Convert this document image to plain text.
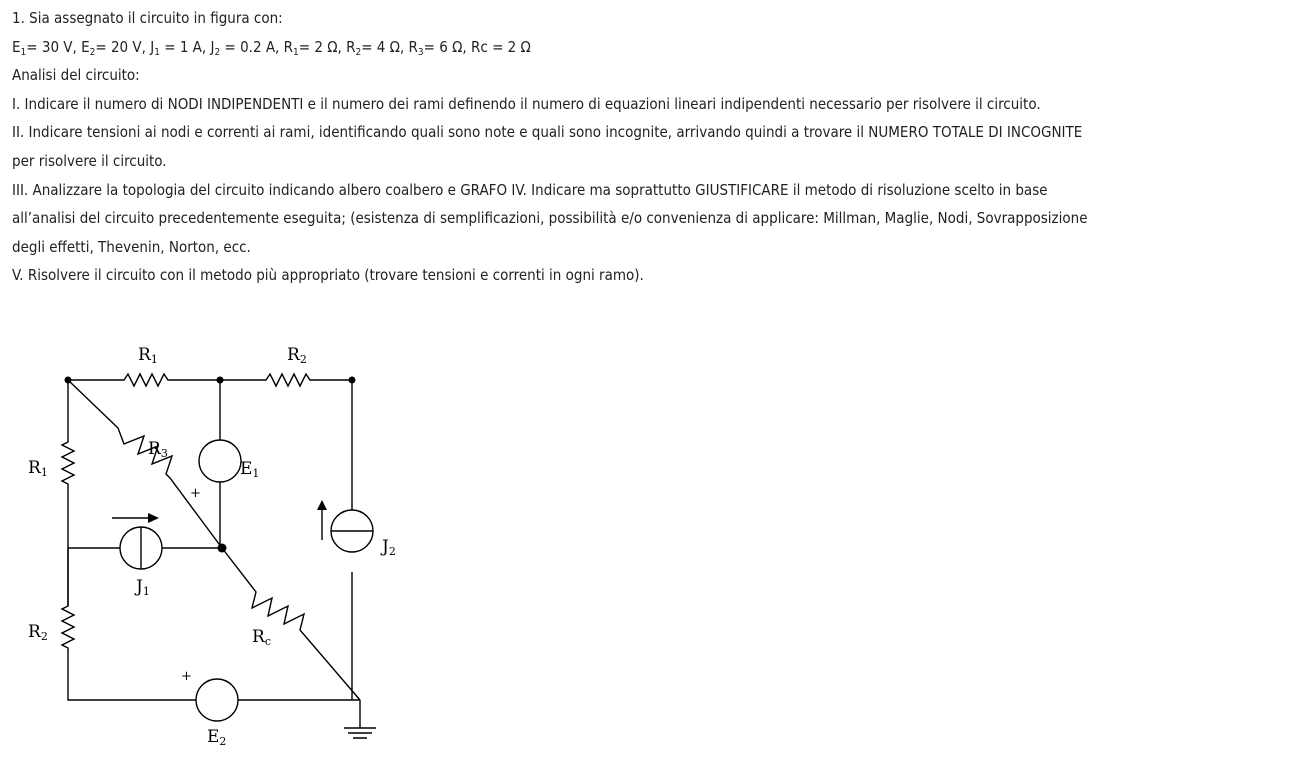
1. Sia assegnato il circuito in figura con:
$E_1= 30$ V, $E_2= 20$ V, $J_1 = 1$ A, $J_2 = 0.2$ A, $R_1= 2$ Ω, $R_2= 4$ Ω, $R_3= 6$ Ω, Rc = 2 Ω
Analisi del circuito:
I. Indicare il numero di NODI INDIPENDENTI e il numero dei rami definendo il numero di equazioni lineari indipendenti necessario per risolvere il circuito.
II. Indicare tensioni ai nodi e correnti ai rami, identificando quali sono note e quali sono incognite, arrivando quindi a trovare il NUMERO TOTALE DI INCOGNITE
per risolvere il circuito.
III. Analizzare la topologia del circuito indicando albero coalbero e GRAFO IV. Indicare ma soprattutto GIUSTIFICARE il metodo di risoluzione scelto in base
all’analisi del circuito precedentemente eseguita; (esistenza di semplificazioni, possibilità e/o convenienza di applicare: Millman, Maglie, Nodi, Sovrapposizione
degli effetti, Thevenin, Norton, ecc.
V. Risolvere il circuito con il metodo più appropriato (trovare tensioni e correnti in ogni ramo).
R1	R2
R1
R2
R3
Rc
E1
E2
J1
J2
+
+
